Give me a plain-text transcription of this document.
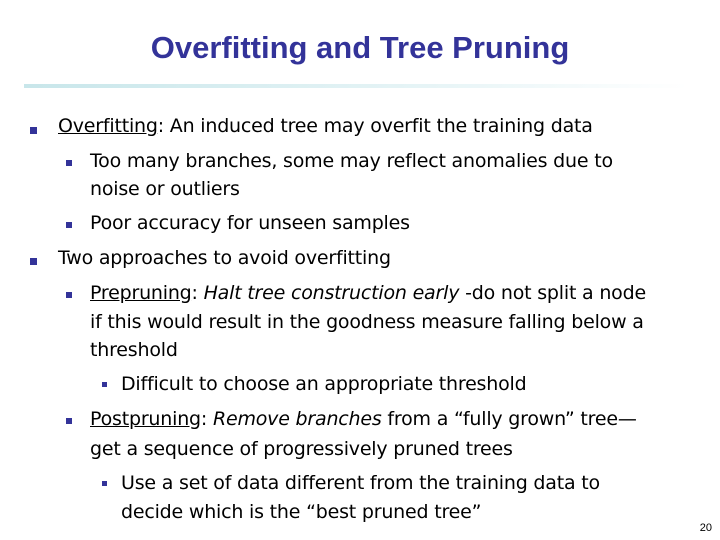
Overfitting and Tree Pruning
Overfitting: An induced tree may overfit the training data
Too many branches, some may reflect anomalies due to
noise or outliers
Poor accuracy for unseen samples
Two approaches to avoid overfitting
Prepruning: Halt tree construction early -do not split a node
if this would result in the goodness measure falling below a
threshold
Difficult to choose an appropriate threshold
Postpruning: Remove branches from a “fully grown” tree—
get a sequence of progressively pruned trees
Use a set of data different from the training data to
decide which is the “best pruned tree”
20
